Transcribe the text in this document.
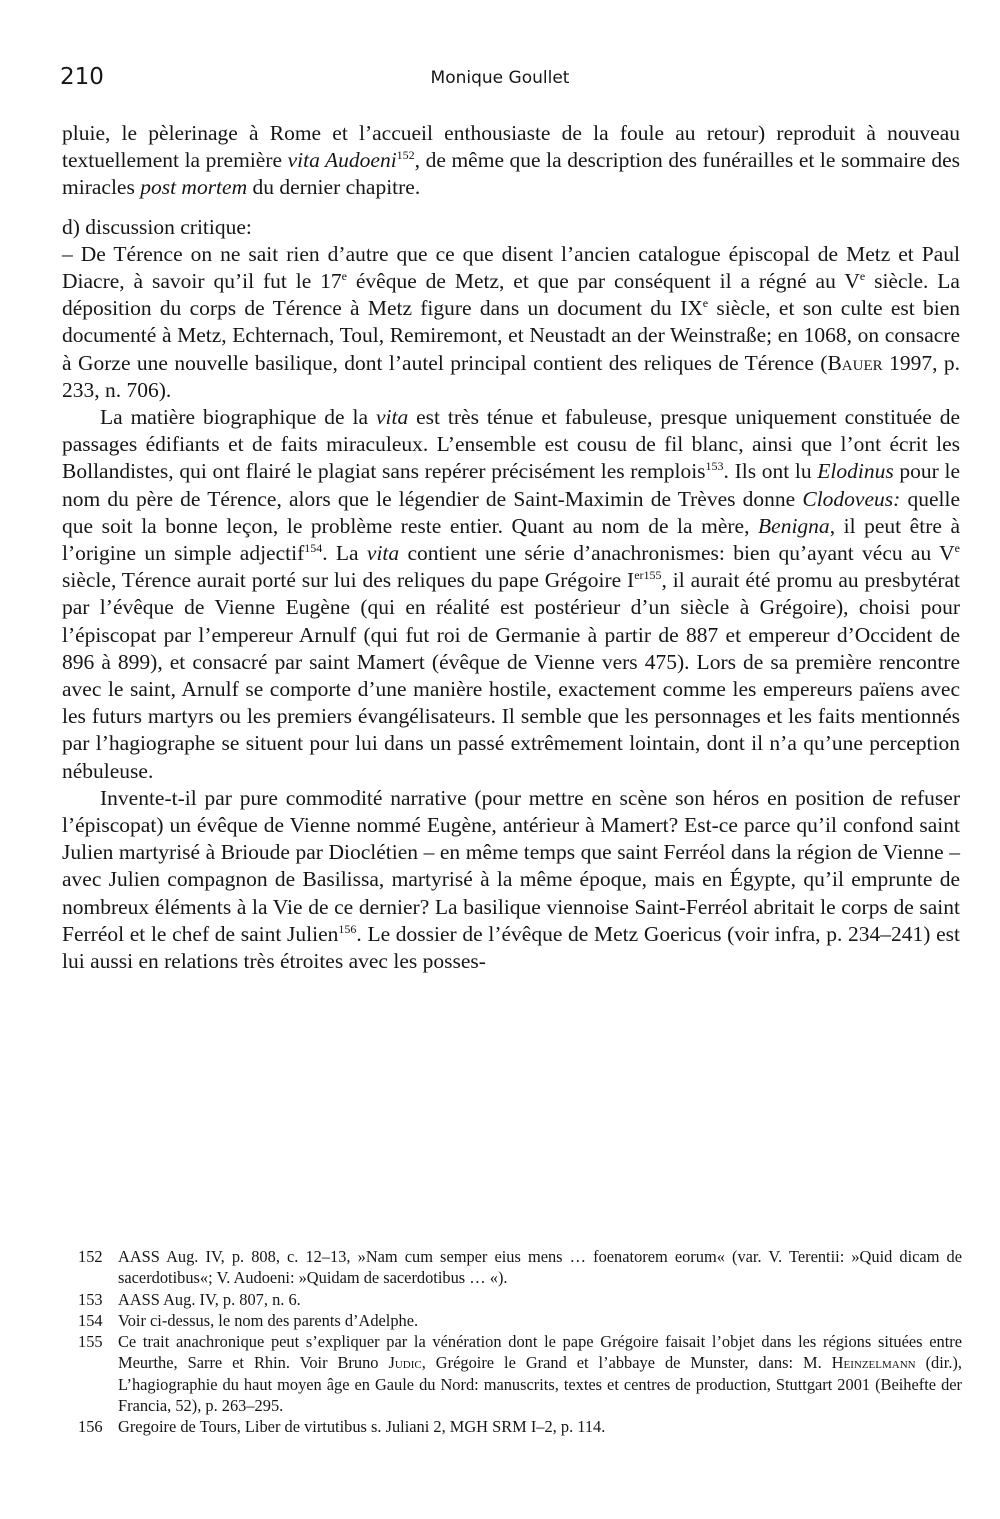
210	Monique Goullet

pluie, le pèlerinage à Rome et l’accueil enthousiaste de la foule au retour) reproduit à nouveau textuellement la première vita Audoeni$^{152}$, de même que la description des funérailles et le sommaire des miracles post mortem du dernier chapitre.

d) discussion critique:

– De Térence on ne sait rien d’autre que ce que disent l’ancien catalogue épiscopal de Metz et Paul Diacre, à savoir qu’il fut le 17e évêque de Metz, et que par conséquent il a régné au Ve siècle. La déposition du corps de Térence à Metz figure dans un document du IXe siècle, et son culte est bien documenté à Metz, Echternach, Toul, Remiremont, et Neustadt an der Weinstraße; en 1068, on consacre à Gorze une nouvelle basilique, dont l’autel principal contient des reliques de Térence (Bauer 1997, p. 233, n. 706).

La matière biographique de la vita est très ténue et fabuleuse, presque uniquement constituée de passages édifiants et de faits miraculeux. L’ensemble est cousu de fil blanc, ainsi que l’ont écrit les Bollandistes, qui ont flairé le plagiat sans repérer précisément les remplois$^{153}$. Ils ont lu Elodinus pour le nom du père de Térence, alors que le légendier de Saint-Maximin de Trèves donne Clodoveus: quelle que soit la bonne leçon, le problème reste entier. Quant au nom de la mère, Benigna, il peut être à l’origine un simple adjectif$^{154}$. La vita contient une série d’anachronismes: bien qu’ayant vécu au Ve siècle, Térence aurait porté sur lui des reliques du pape Grégoire $I^{er155}$, il aurait été promu au presbytérat par l’évêque de Vienne Eugène (qui en réalité est postérieur d’un siècle à Grégoire), choisi pour l’épiscopat par l’empereur Arnulf (qui fut roi de Germanie à partir de 887 et empereur d’Occident de 896 à 899), et consacré par saint Mamert (évêque de Vienne vers 475). Lors de sa première rencontre avec le saint, Arnulf se comporte d’une manière hostile, exactement comme les empereurs païens avec les futurs martyrs ou les premiers évangélisateurs. Il semble que les personnages et les faits mentionnés par l’hagiographe se situent pour lui dans un passé extrêmement lointain, dont il n’a qu’une perception nébuleuse.

Invente-t-il par pure commodité narrative (pour mettre en scène son héros en position de refuser l’épiscopat) un évêque de Vienne nommé Eugène, antérieur à Mamert? Est-ce parce qu’il confond saint Julien martyrisé à Brioude par Dioclétien – en même temps que saint Ferréol dans la région de Vienne – avec Julien compagnon de Basilissa, martyrisé à la même époque, mais en Égypte, qu’il emprunte de nombreux éléments à la Vie de ce dernier? La basilique viennoise Saint-Ferréol abritait le corps de saint Ferréol et le chef de saint Julien$^{156}$. Le dossier de l’évêque de Metz Goericus (voir infra, p. 234–241) est lui aussi en relations très étroites avec les posses-

152 AASS Aug. IV, p. 808, c. 12–13, »Nam cum semper eius mens … foenatorem eorum« (var. V. Terentii: »Quid dicam de sacerdotibus«; V. Audoeni: »Quidam de sacerdotibus … «).
153 AASS Aug. IV, p. 807, n. 6.
154 Voir ci-dessus, le nom des parents d’Adelphe.
155 Ce trait anachronique peut s’expliquer par la vénération dont le pape Grégoire faisait l’objet dans les régions situées entre Meurthe, Sarre et Rhin. Voir Bruno Judic, Grégoire le Grand et l’abbaye de Munster, dans: M. Heinzelmann (dir.), L’hagiographie du haut moyen âge en Gaule du Nord: manuscrits, textes et centres de production, Stuttgart 2001 (Beihefte der Francia, 52), p. 263–295.
156 Gregoire de Tours, Liber de virtutibus s. Juliani 2, MGH SRM I–2, p. 114.
